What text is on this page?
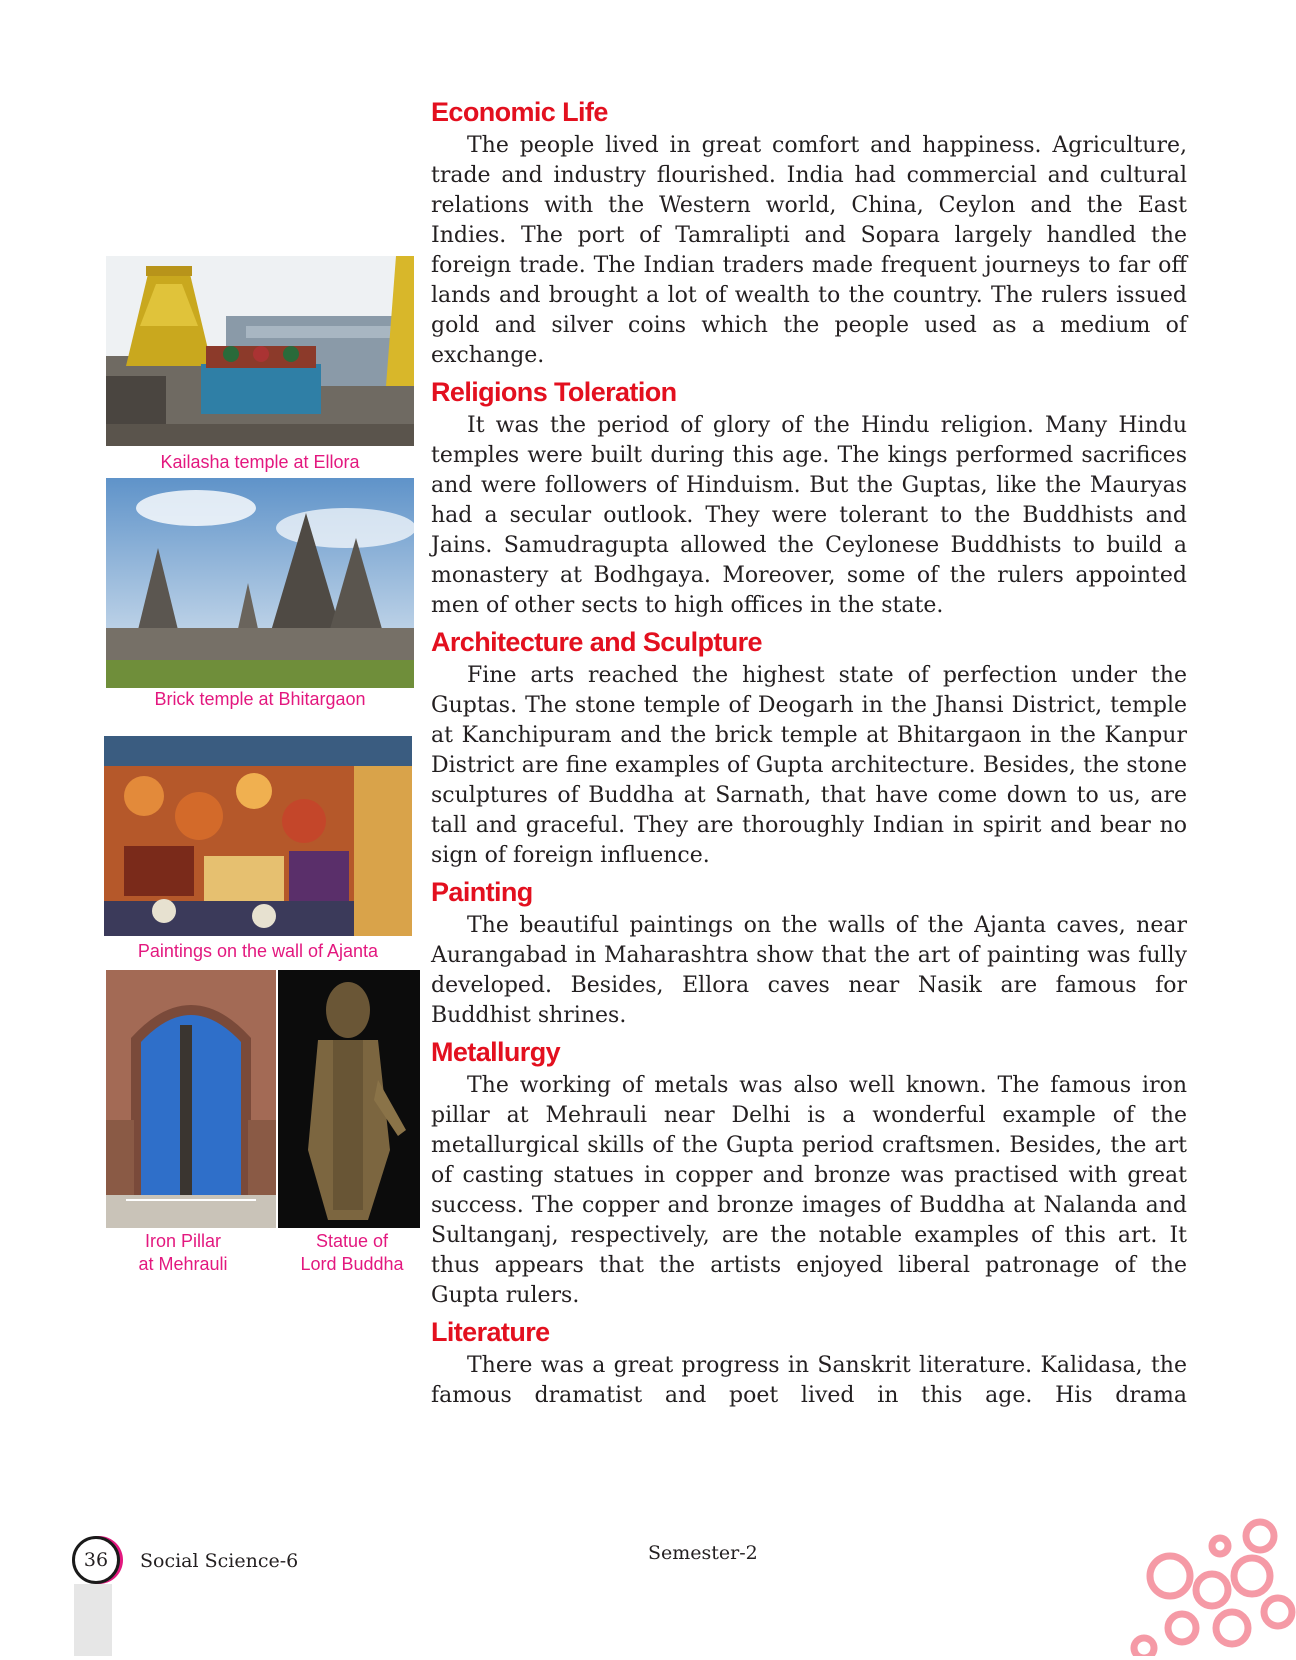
Kailasha temple at Ellora
Brick temple at Bhitargaon
Paintings on the wall of Ajanta
Iron Pillar
at Mehrauli
Statue of
Lord Buddha
Economic Life

The people lived in great comfort and happiness. Agriculture, trade and industry flourished. India had commercial and cultural relations with the Western world, China, Ceylon and the East Indies. The port of Tamralipti and Sopara largely handled the foreign trade. The Indian traders made frequent journeys to far off lands and brought a lot of wealth to the country. The rulers issued gold and silver coins which the people used as a medium of exchange.

Religions Toleration

It was the period of glory of the Hindu religion. Many Hindu temples were built during this age. The kings performed sacrifices and were followers of Hinduism. But the Guptas, like the Mauryas had a secular outlook. They were tolerant to the Buddhists and Jains. Samudragupta allowed the Ceylonese Buddhists to build a monastery at Bodhgaya. Moreover, some of the rulers appointed men of other sects to high offices in the state.

Architecture and Sculpture

Fine arts reached the highest state of perfection under the Guptas. The stone temple of Deogarh in the Jhansi District, temple at Kanchipuram and the brick temple at Bhitargaon in the Kanpur District are fine examples of Gupta architecture. Besides, the stone sculptures of Buddha at Sarnath, that have come down to us, are tall and graceful. They are thoroughly Indian in spirit and bear no sign of foreign influence.

Painting

The beautiful paintings on the walls of the Ajanta caves, near Aurangabad in Maharashtra show that the art of painting was fully developed. Besides, Ellora caves near Nasik are famous for Buddhist shrines.

Metallurgy

The working of metals was also well known. The famous iron pillar at Mehrauli near Delhi is a wonderful example of the metallurgical skills of the Gupta period craftsmen. Besides, the art of casting statues in copper and bronze was practised with great success. The copper and bronze images of Buddha at Nalanda and Sultanganj, respectively, are the notable examples of this art. It thus appears that the artists enjoyed liberal patronage of the Gupta rulers.

Literature

There was a great progress in Sanskrit literature. Kalidasa, the famous dramatist and poet lived in this age. His drama

36	Social Science-6	Semester-2
